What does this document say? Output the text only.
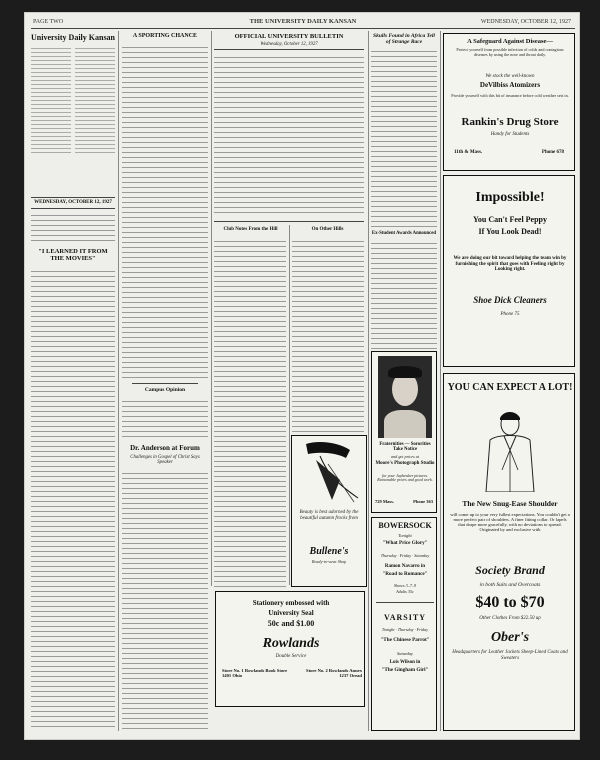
PAGE TWO	THE UNIVERSITY DAILY KANSAN	WEDNESDAY, OCTOBER 12, 1927
University Daily Kansan
WEDNESDAY, OCTOBER 12, 1927
"I LEARNED IT FROM THE MOVIES"
A SPORTING CHANCE
Campus Opinion
Dr. Anderson at Forum
Challenges in Gospel of Christ Says Speaker
OFFICIAL UNIVERSITY BULLETIN
Wednesday, October 12, 1927
Club Notes From the Hill	On Other Hills
Beauty is best adorned by the beautiful autumn frocks from
Bullene's
Ready-to-wear Shop
Skulls Found in Africa Tell of Strange Race
Ex-Student Awards Announced
Fraternities — Sororities Take Notice
and get prices at
Moore's Photograph Studio
for your Jayhawker pictures. Reasonable prices and good work.
729 Mass.	Phone 363
BOWERSOCK
Tonight
"What Price Glory"
Thursday · Friday · Saturday
Ramon Navarro in
"Road to Romance"
Shows 3–7–9
Adults 35c
VARSITY
Tonight · Thursday · Friday
"The Chinese Parrot"
Saturday
Lois Wilson in
"The Gingham Girl"
Stationery embossed with
University Seal
50c and $1.00
Rowlands
Double Service
Store No. 1 Rowlands Book Store 1401 Ohio
Store No. 2 Rowlands Annex 1237 Oread
A Safeguard Against Disease—
Protect yourself from possible infection of colds and contagious diseases by using the nose and throat daily.
We stock the well-known
DeVilbiss Atomizers
Provide yourself with this bit of insurance before cold weather sets in.
Rankin's Drug Store
Handy for Students
11th & Mass.	Phone 678
Impossible!
You Can't Feel Peppy
If You Look Dead!
We are doing our bit toward helping the team win by furnishing the spirit that goes with Feeling right by Looking right.
Shoe Dick Cleaners
Phone 75
YOU CAN EXPECT A LOT!
The New Snug-Ease Shoulder
will come up to your very fullest expectations. You couldn't get a more perfect pair of shoulders. A finer fitting collar. Or lapels that drape more gracefully, with no deviations to spread. Originated by and exclusive with
Society Brand
in both Suits and Overcoats
$40 to $70
Other Clothes From $22.50 up
Ober's
Headquarters for Leather Jackets Sheep-Lined Coats and Sweaters
